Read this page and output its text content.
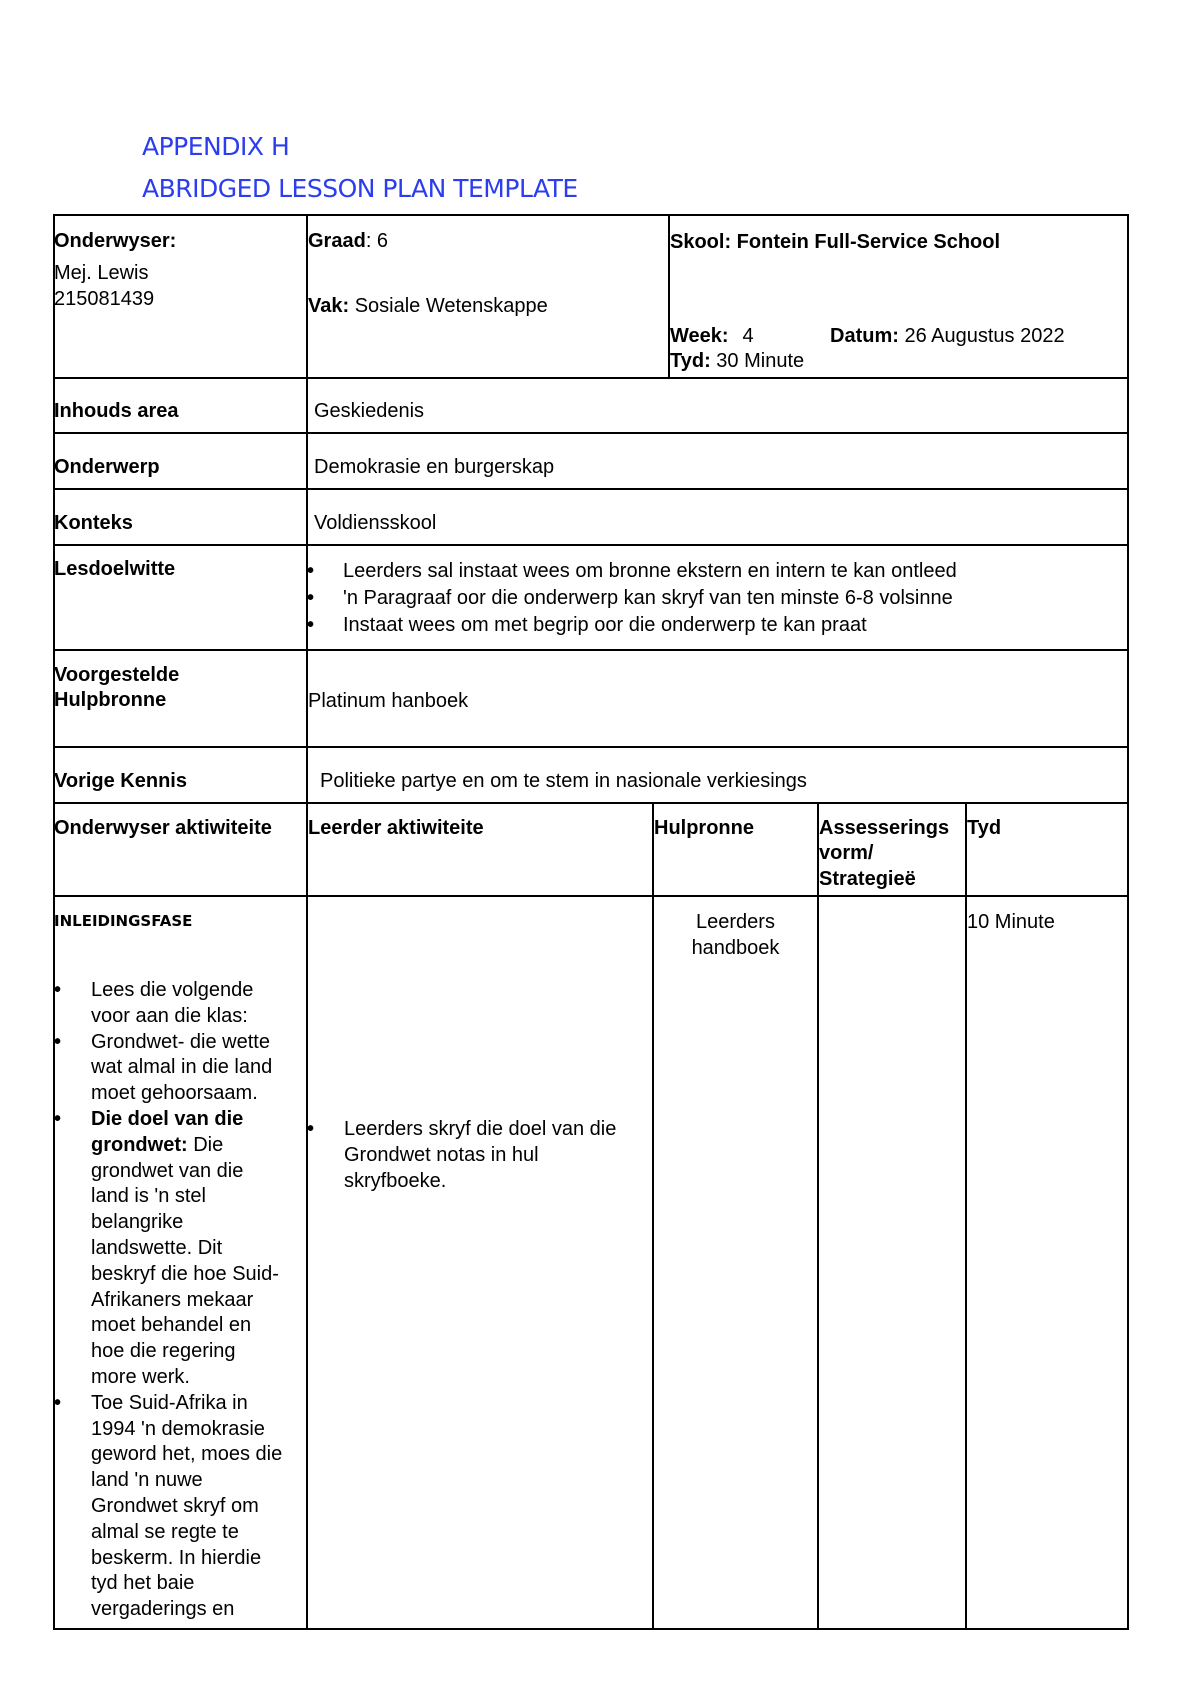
APPENDIX H
ABRIDGED LESSON PLAN TEMPLATE
Onderwyser:
Mej. Lewis
215081439
Graad: 6
Vak: Sosiale Wetenskappe
Skool: Fontein Full-Service School
Week: 4	Datum: 26 Augustus 2022
Tyd: 30 Minute
Inhouds area	Geskiedenis
Onderwerp	Demokrasie en burgerskap
Konteks	Voldiensskool
Lesdoelwitte
•	Leerders sal instaat wees om bronne ekstern en intern te kan ontleed
• 'n Paragraaf oor die onderwerp kan skryf van ten minste 6-8 volsinne
• Instaat wees om met begrip oor die onderwerp te kan praat
Voorgestelde
Hulpbronne	Platinum hanboek
Vorige Kennis	Politieke partye en om te stem in nasionale verkiesings
Onderwyser aktiwiteite Leerder aktiwiteite	Hulpronne	Assesserings
vorm/
Strategieë
Tyd
INLEIDINGSFASE
• Lees die volgende
voor aan die klas:
• Grondwet- die wette
wat almal in die land
moet gehoorsaam.
• Die doel van die
grondwet: Die
grondwet van die
land is 'n stel
belangrike
landswette. Dit
beskryf die hoe Suid-
Afrikaners mekaar
moet behandel en
hoe die regering
more werk.
• Toe Suid-Afrika in
1994 'n demokrasie
geword het, moes die
land 'n nuwe
Grondwet skryf om
almal se regte te
beskerm. In hierdie
tyd het baie
vergaderings en
• Leerders skryf die doel van die
Grondwet notas in hul
skryfboeke.
Leerders
handboek
10 Minute
